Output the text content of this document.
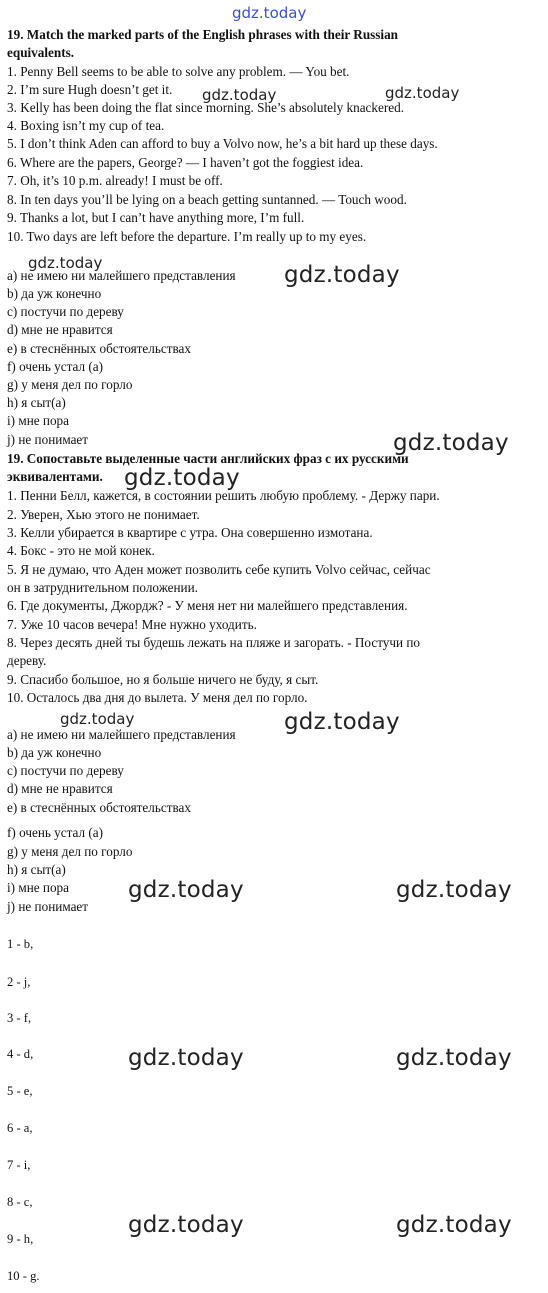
gdz.today
19. Match the marked parts of the English phrases with their Russian
equivalents.
1. Penny Bell seems to be able to solve any problem. — You bet.
2. I’m sure Hugh doesn’t get it.
3. Kelly has been doing the flat since morning. She’s absolutely knackered.
4. Boxing isn’t my cup of tea.
5. I don’t think Aden can afford to buy a Volvo now, he’s a bit hard up these days.
6. Where are the papers, George? — I haven’t got the foggiest idea.
7. Oh, it’s 10 p.m. already! I must be off.
8. In ten days you’ll be lying on a beach getting suntanned. — Touch wood.
9. Thanks a lot, but I can’t have anything more, I’m full.
10. Two days are left before the departure. I’m really up to my eyes.
a) не имею ни малейшего представления
b) да уж конечно
c) постучи по дереву
d) мне не нравится
e) в стеснённых обстоятельствах
f) очень устал (а)
g) у меня дел по горло
h) я сыт(а)
i) мне пора
j) не понимает
19. Сопоставьте выделенные части английских фраз с их русскими
эквивалентами.
1. Пенни Белл, кажется, в состоянии решить любую проблему. - Держу пари.
2. Уверен, Хью этого не понимает.
3. Келли убирается в квартире с утра. Она совершенно измотана.
4. Бокс - это не мой конек.
5. Я не думаю, что Аден может позволить себе купить Volvo сейчас, сейчас
он в затруднительном положении.
6. Где документы, Джордж? - У меня нет ни малейшего представления.
7. Уже 10 часов вечера! Мне нужно уходить.
8. Через десять дней ты будешь лежать на пляже и загорать. - Постучи по
дереву.
9. Спасибо большое, но я больше ничего не буду, я сыт.
10. Осталось два дня до вылета. У меня дел по горло.
a) не имею ни малейшего представления
b) да уж конечно
c) постучи по дереву
d) мне не нравится
e) в стеснённых обстоятельствах
f) очень устал (а)
g) у меня дел по горло
h) я сыт(а)
i) мне пора
j) не понимает
1 - b,
2 - j,
3 - f,
4 - d,
5 - e,
6 - a,
7 - i,
8 - c,
9 - h,
10 - g.
gdz.today	gdz.today
gdz.today	gdz.today
gdz.today
gdz.today
gdz.today	gdz.today
gdz.today	gdz.today
gdz.today	gdz.today
gdz.today	gdz.today
